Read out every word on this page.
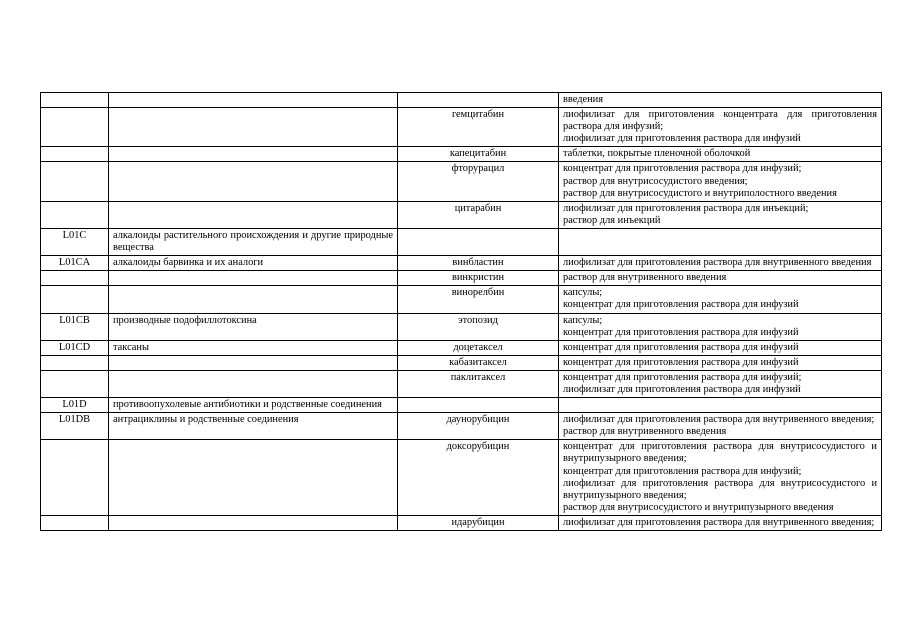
			введения

		гемцитабин	лиофилизат для приготовления концентрата для приготовления раствора для инфузий;
лиофилизат для приготовления раствора для инфузий

		капецитабин	таблетки, покрытые пленочной оболочкой

		фторурацил	концентрат для приготовления раствора для инфузий;
раствор для внутрисосудистого введения;
раствор для внутрисосудистого и внутриполостного введения

		цитарабин	лиофилизат для приготовления раствора для инъекций;
раствор для инъекций

L01C	алкалоиды растительного происхождения и другие природные вещества		
L01CA	алкалоиды барвинка и их аналоги	винбластин	лиофилизат для приготовления раствора для внутривенного введения

		винкристин	раствор для внутривенного введения

		винорелбин	капсулы;
концентрат для приготовления раствора для инфузий

L01CB	производные подофиллотоксина	этопозид	капсулы;
концентрат для приготовления раствора для инфузий

L01CD	таксаны	доцетаксел	концентрат для приготовления раствора для инфузий

		кабазитаксел	концентрат для приготовления раствора для инфузий

		паклитаксел	концентрат для приготовления раствора для инфузий;
лиофилизат для приготовления раствора для инфузий

L01D	противоопухолевые антибиотики и родственные соединения		
L01DB	антрациклины и родственные соединения	даунорубицин	лиофилизат для приготовления раствора для внутривенного введения;
раствор для внутривенного введения

		доксорубицин	концентрат для приготовления раствора для внутрисосудистого и внутрипузырного введения;
концентрат для приготовления раствора для инфузий;
лиофилизат для приготовления раствора для внутрисосудистого и внутрипузырного введения;
раствор для внутрисосудистого и внутрипузырного введения

		идарубицин	лиофилизат для приготовления раствора для внутривенного введения;
